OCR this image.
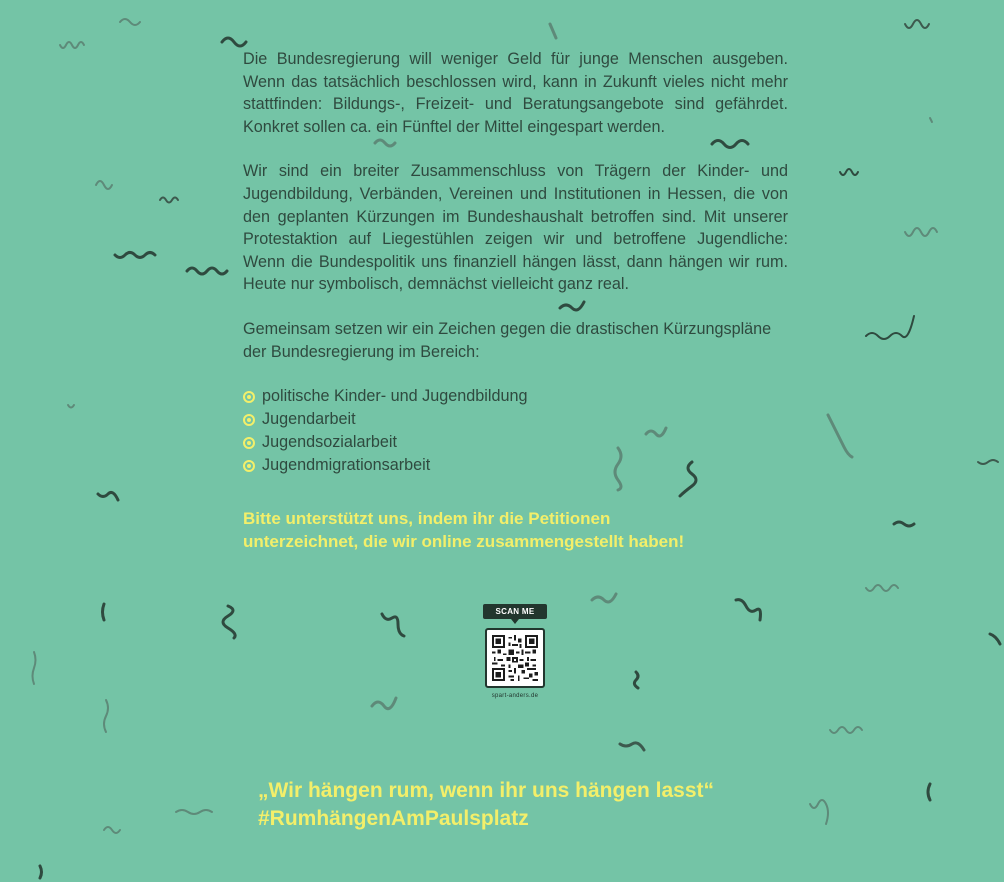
Die Bundesregierung will weniger Geld für junge Menschen ausgeben. Wenn das tatsächlich beschlossen wird, kann in Zukunft vieles nicht mehr stattfinden: Bildungs-, Freizeit- und Beratungsangebote sind gefährdet. Konkret sollen ca. ein Fünftel der Mittel eingespart werden.

Wir sind ein breiter Zusammenschluss von Trägern der Kinder- und Jugendbildung, Verbänden, Vereinen und Institutionen in Hessen, die von den geplanten Kürzungen im Bundeshaushalt betroffen sind. Mit unserer Protestaktion auf Liegestühlen zeigen wir und betroffene Jugendliche: Wenn die Bundespolitik uns finanziell hängen lässt, dann hängen wir rum. Heute nur symbolisch, demnächst vielleicht ganz real.

Gemeinsam setzen wir ein Zeichen gegen die drastischen Kürzungspläne der Bundesregierung im Bereich:

politische Kinder- und Jugendbildung
Jugendarbeit
Jugendsozialarbeit
Jugendmigrationsarbeit
Bitte unterstützt uns, indem ihr die Petitionen
unterzeichnet, die wir online zusammengestellt haben!
SCAN ME
spart-anders.de
„Wir hängen rum, wenn ihr uns hängen lasst“
#RumhängenAmPaulsplatz
